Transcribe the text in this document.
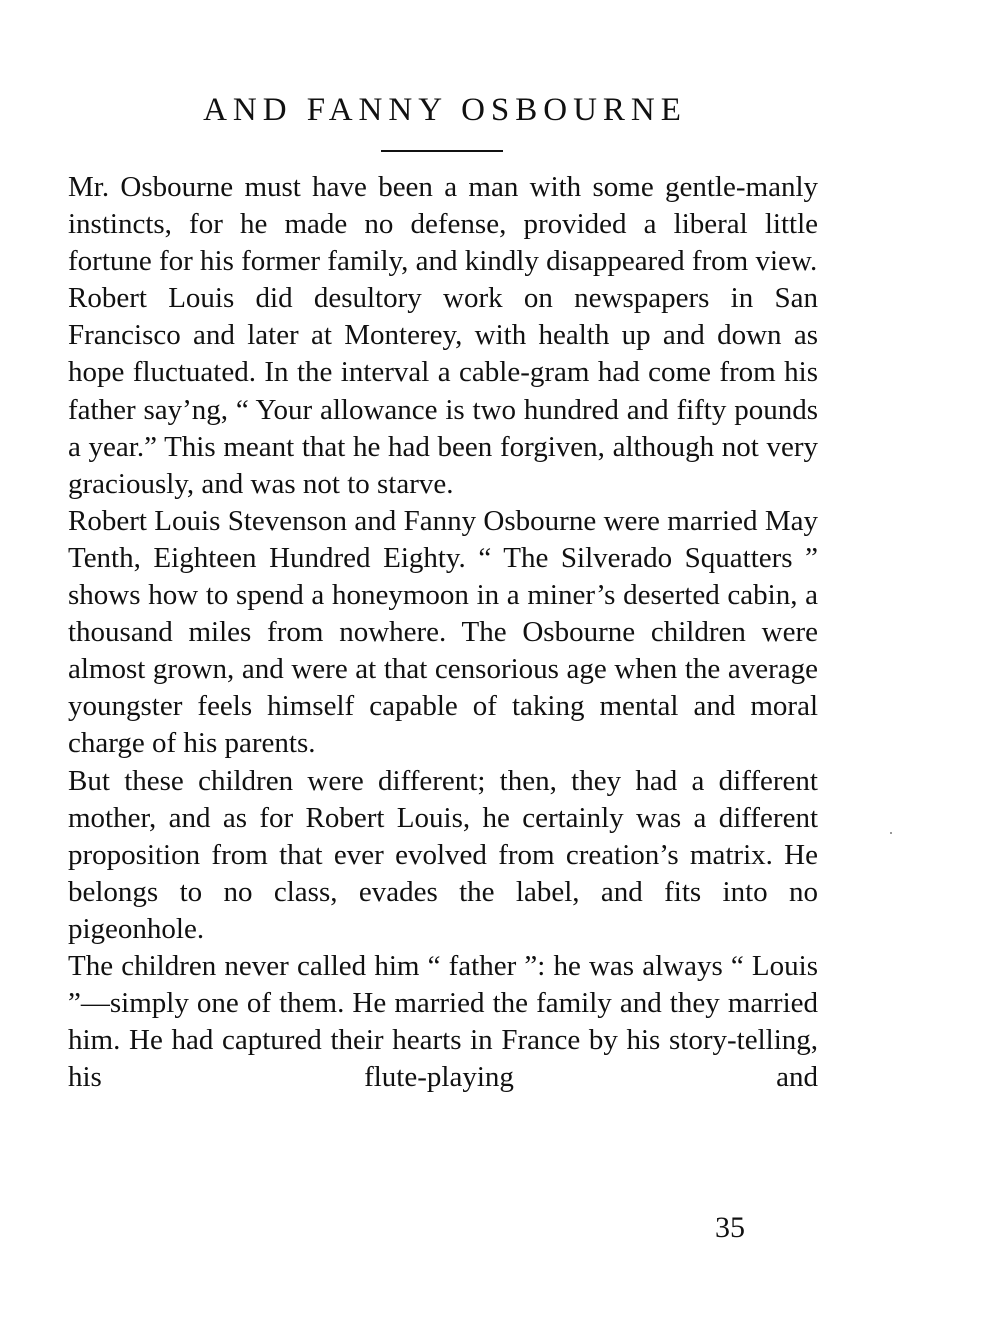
AND FANNY OSBOURNE

Mr. Osbourne must have been a man with some gentle-manly instincts, for he made no defense, provided a liberal little fortune for his former family, and kindly disappeared from view.

Robert Louis did desultory work on newspapers in San Francisco and later at Monterey, with health up and down as hope fluctuated. In the interval a cable-gram had come from his father say’ng, “ Your allowance is two hundred and fifty pounds a year.” This meant that he had been forgiven, although not very graciously, and was not to starve.

Robert Louis Stevenson and Fanny Osbourne were married May Tenth, Eighteen Hundred Eighty. “ The Silverado Squatters ” shows how to spend a honeymoon in a miner’s deserted cabin, a thousand miles from nowhere. The Osbourne children were almost grown, and were at that censorious age when the average youngster feels himself capable of taking mental and moral charge of his parents.

But these children were different; then, they had a different mother, and as for Robert Louis, he certainly was a different proposition from that ever evolved from creation’s matrix. He belongs to no class, evades the label, and fits into no pigeonhole.

The children never called him “ father ”: he was always “ Louis ”—simply one of them. He married the family and they married him. He had captured their hearts in France by his story-telling, his flute-playing and

35
